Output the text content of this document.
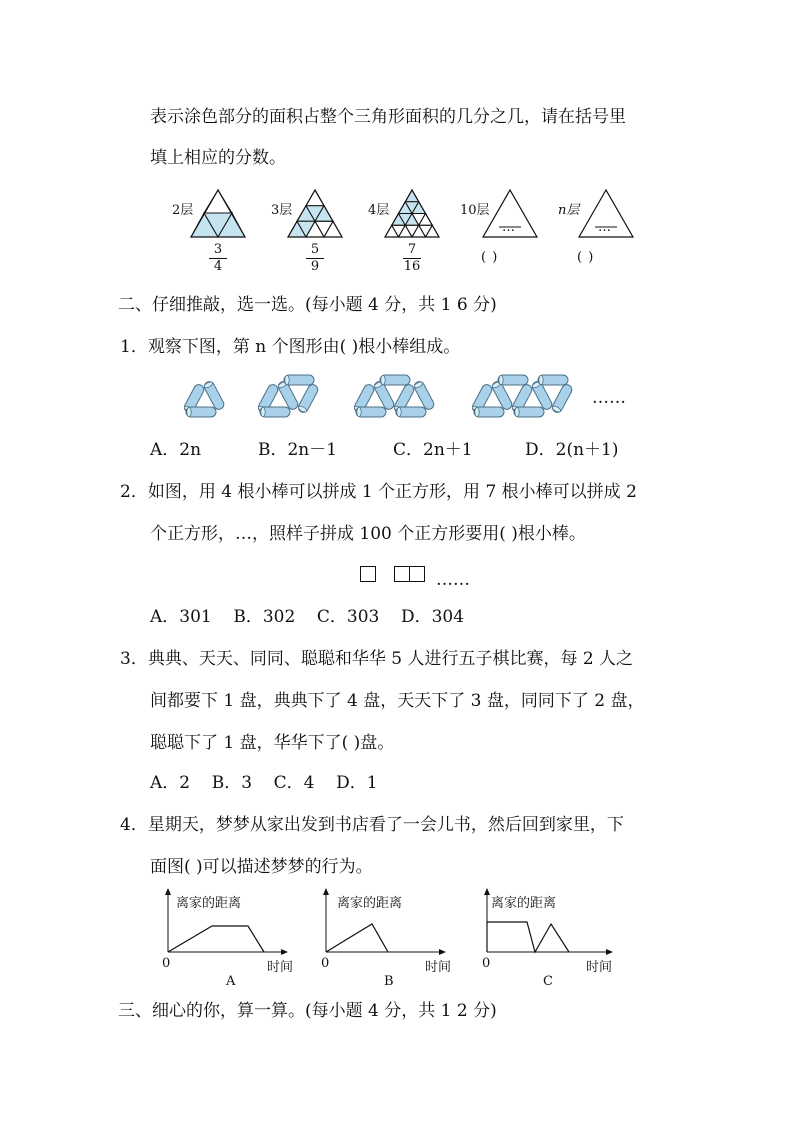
表示涂色部分的面积占整个三角形面积的几分之几，请在括号里
填上相应的分数。
2层
3
4
3层
5
9
4层
7
16
10层
…
( )
n层
…
( )
二、仔细推敲，选一选。(每小题 4 分，共 1 6 分)
1．观察下图，第 n 个图形由( )根小棒组成。
……
A．2n	B．2n－1	C．2n＋1	D．2(n＋1)
2．如图，用 4 根小棒可以拼成 1 个正方形，用 7 根小棒可以拼成 2
个正方形，…，照样子拼成 100 个正方形要用( )根小棒。
……
A．301    B．302    C．303    D．304
3．典典、天天、同同、聪聪和华华 5 人进行五子棋比赛，每 2 人之
间都要下 1 盘，典典下了 4 盘，天天下了 3 盘，同同下了 2 盘，
聪聪下了 1 盘，华华下了( )盘。
A．2    B．3    C．4    D．1
4．星期天，梦梦从家出发到书店看了一会儿书，然后回到家里，下
面图( )可以描述梦梦的行为。
离家的距离
0	时间
A
离家的距离
0	时间
B
离家的距离
0	时间
C
三、细心的你，算一算。(每小题 4 分，共 1 2 分)
